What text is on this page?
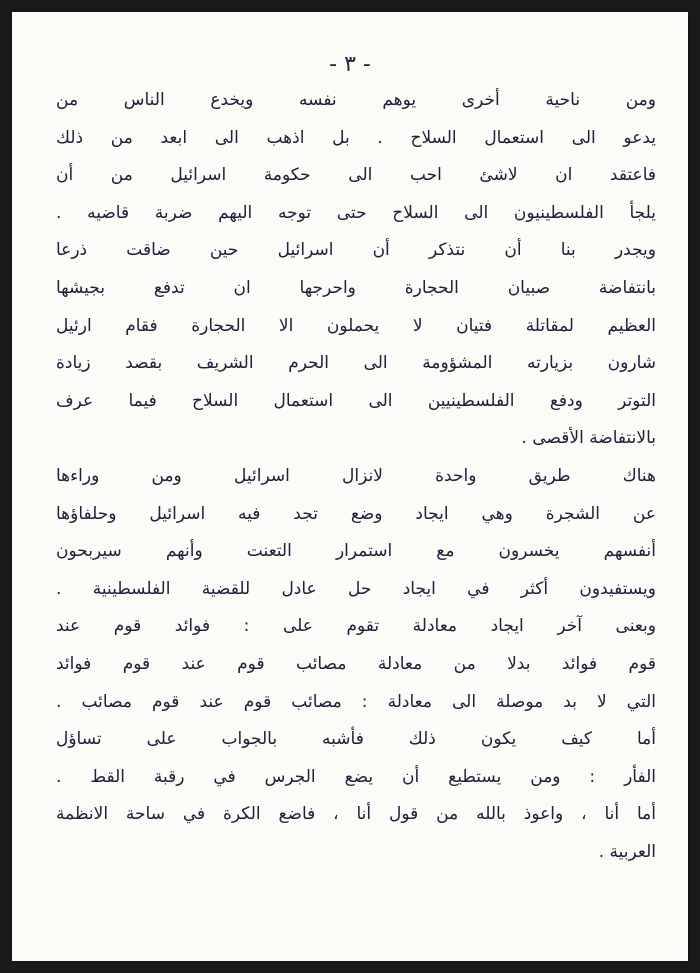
- ٣ -
ومن ناحية أخرى يوهم نفسه ويخدع الناس من
يدعو الى استعمال السلاح . بل اذهب الى ابعد من ذلك
فاعتقد ان لاشئ احب الى حكومة اسرائيل من أن
يلجأ الفلسطينيون الى السلاح حتى توجه اليهم ضربة قاضيه .
ويجدر بنا أن نتذكر أن اسرائيل حين ضاقت ذرعا
بانتفاضة صبيان الحجارة واحرجها ان تدفع بجيشها
العظيم لمقاتلة فتيان لا يحملون الا الحجارة فقام ارئيل
شارون بزيارته المشؤومة الى الحرم الشريف بقصد زيادة
التوتر ودفع الفلسطينيين الى استعمال السلاح فيما عرف
بالانتفاضة الأقصى .
هناك طريق واحدة لانزال اسرائيل ومن وراءها
عن الشجرة وهي ايجاد وضع تجد فيه اسرائيل وحلفاؤها
أنفسهم يخسرون مع استمرار التعنت وأنهم سيربحون
ويستفيدون أكثر في ايجاد حل عادل للقضية الفلسطينية .
وبعنى آخر ايجاد معادلة تقوم على : فوائد قوم عند
قوم فوائد بدلا من معادلة مصائب قوم عند قوم فوائد
التي لا بد موصلة الى معادلة : مصائب قوم عند قوم مصائب .
أما كيف يكون ذلك فأشبه بالجواب على تساؤل
الفأر : ومن يستطيع أن يضع الجرس في رقبة القط .
أما أنا ، واعوذ بالله من قول أنا ، فاضع الكرة في ساحة الانظمة
العربية .
